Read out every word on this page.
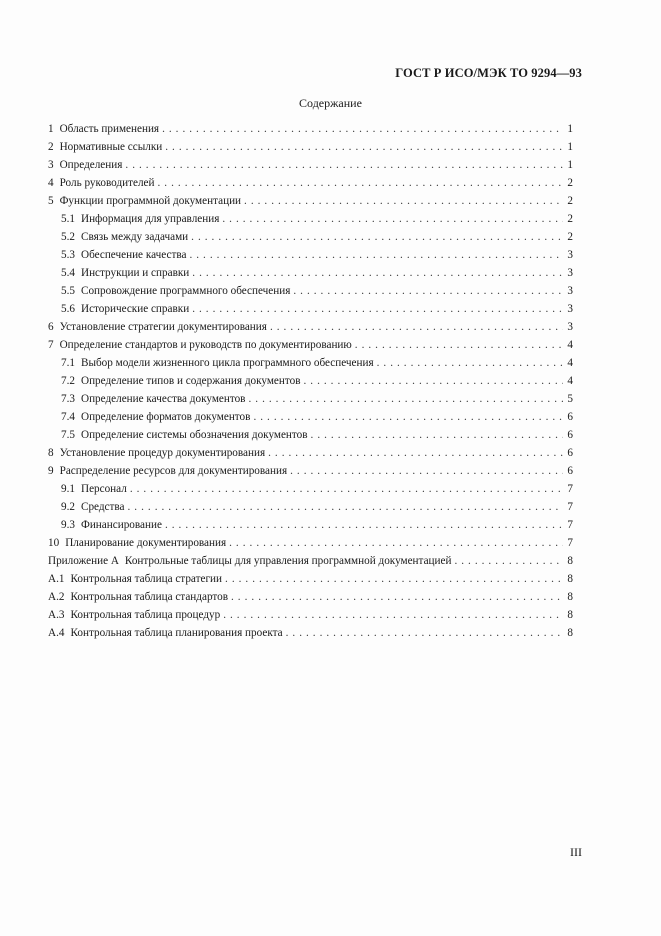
ГОСТ Р ИСО/МЭК ТО 9294—93
Содержание
1 Область применения . . .	1
2 Нормативные ссылки . . .	1
3 Определения . . .	1
4 Роль руководителей . . .	2
5 Функции программной документации . . .	2
5.1 Информация для управления . . .	2
5.2 Связь между задачами . . .	2
5.3 Обеспечение качества . . .	3
5.4 Инструкции и справки . . .	3
5.5 Сопровождение программного обеспечения . . .	3
5.6 Исторические справки . . .	3
6 Установление стратегии документирования . . .	3
7 Определение стандартов и руководств по документированию . . .	4
7.1 Выбор модели жизненного цикла программного обеспечения . . .	4
7.2 Определение типов и содержания документов . . .	4
7.3 Определение качества документов . . .	5
7.4 Определение форматов документов . . .	6
7.5 Определение системы обозначения документов . . .	6
8 Установление процедур документирования . . .	6
9 Распределение ресурсов для документирования . . .	6
9.1 Персонал . . .	7
9.2 Средства . . .	7
9.3 Финансирование . . .	7
10 Планирование документирования . . .	7
Приложение А Контрольные таблицы для управления программной документацией . . .	8
А.1 Контрольная таблица стратегии . . .	8
А.2 Контрольная таблица стандартов . . .	8
А.3 Контрольная таблица процедур . . .	8
А.4 Контрольная таблица планирования проекта . . .	8
III
